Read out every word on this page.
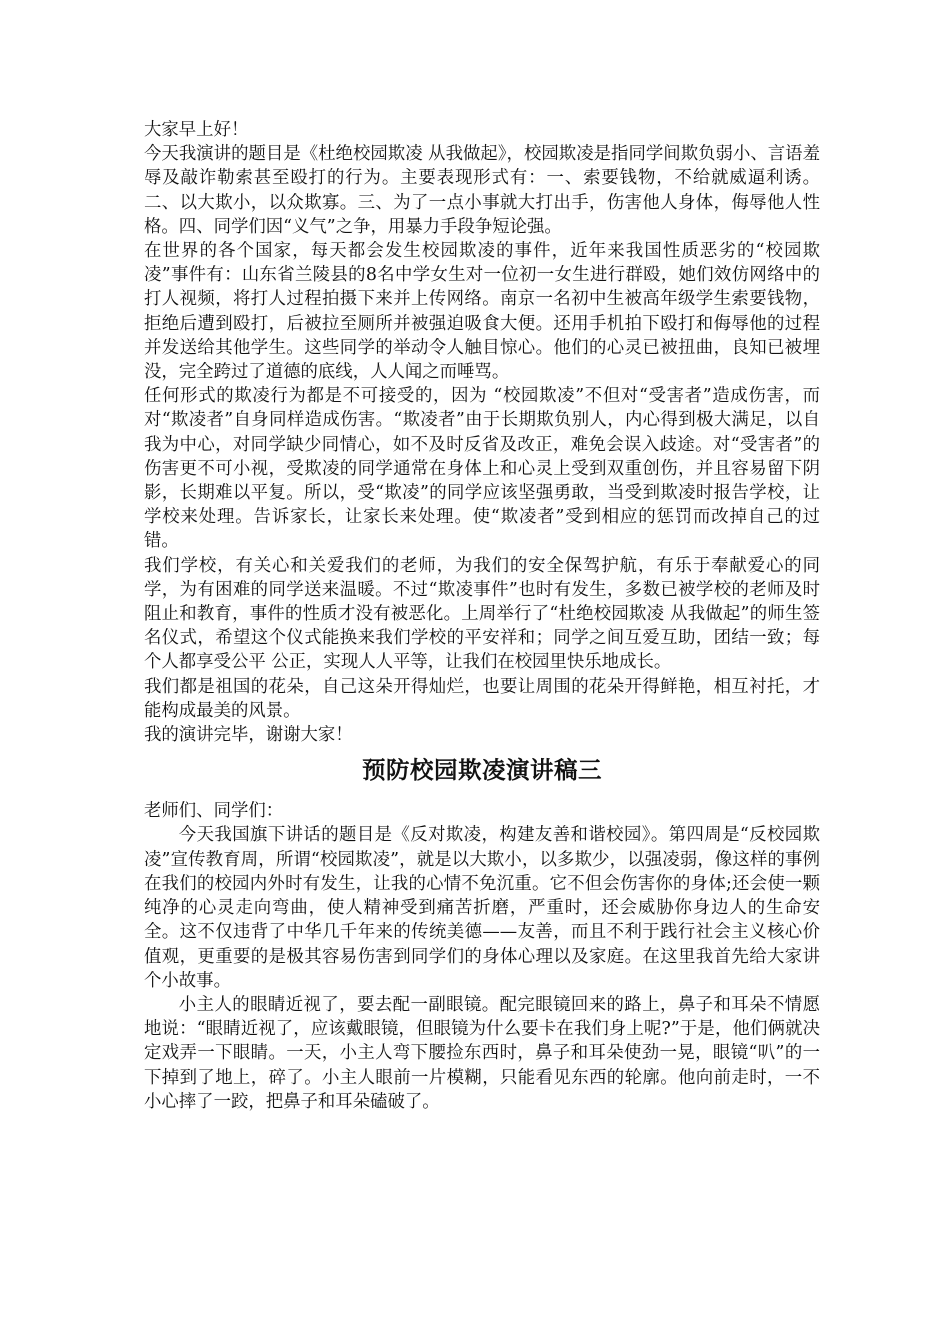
大家早上好！

今天我演讲的题目是《杜绝校园欺凌 从我做起》，校园欺凌是指同学间欺负弱小、言语羞辱及敲诈勒索甚至殴打的行为。主要表现形式有：一、索要钱物，不给就威逼利诱。二、以大欺小，以众欺寡。三、为了一点小事就大打出手，伤害他人身体，侮辱他人性格。四、同学们因“义气”之争，用暴力手段争短论强。

在世界的各个国家，每天都会发生校园欺凌的事件，近年来我国性质恶劣的“校园欺凌”事件有：山东省兰陵县的8名中学女生对一位初一女生进行群殴，她们效仿网络中的打人视频，将打人过程拍摄下来并上传网络。南京一名初中生被高年级学生索要钱物，拒绝后遭到殴打，后被拉至厕所并被强迫吸食大便。还用手机拍下殴打和侮辱他的过程并发送给其他学生。这些同学的举动令人触目惊心。他们的心灵已被扭曲，良知已被埋没，完全跨过了道德的底线，人人闻之而唾骂。

任何形式的欺凌行为都是不可接受的，因为 “校园欺凌”不但对“受害者”造成伤害，而对“欺凌者”自身同样造成伤害。“欺凌者”由于长期欺负别人，内心得到极大满足，以自我为中心，对同学缺少同情心，如不及时反省及改正，难免会误入歧途。对“受害者”的伤害更不可小视，受欺凌的同学通常在身体上和心灵上受到双重创伤，并且容易留下阴影，长期难以平复。所以，受“欺凌”的同学应该坚强勇敢，当受到欺凌时报告学校，让学校来处理。告诉家长，让家长来处理。使“欺凌者”受到相应的惩罚而改掉自己的过错。

我们学校，有关心和关爱我们的老师，为我们的安全保驾护航，有乐于奉献爱心的同学，为有困难的同学送来温暖。不过“欺凌事件”也时有发生，多数已被学校的老师及时阻止和教育，事件的性质才没有被恶化。上周举行了“杜绝校园欺凌 从我做起”的师生签名仪式，希望这个仪式能换来我们学校的平安祥和；同学之间互爱互助，团结一致；每个人都享受公平 公正，实现人人平等，让我们在校园里快乐地成长。

我们都是祖国的花朵，自己这朵开得灿烂，也要让周围的花朵开得鲜艳，相互衬托，才能构成最美的风景。

我的演讲完毕，谢谢大家！

预防校园欺凌演讲稿三

老师们、同学们：

今天我国旗下讲话的题目是《反对欺凌，构建友善和谐校园》。第四周是“反校园欺凌”宣传教育周，所谓“校园欺凌”，就是以大欺小，以多欺少，以强凌弱，像这样的事例在我们的校园内外时有发生，让我的心情不免沉重。它不但会伤害你的身体;还会使一颗纯净的心灵走向弯曲，使人精神受到痛苦折磨，严重时，还会威胁你身边人的生命安全。这不仅违背了中华几千年来的传统美德——友善，而且不利于践行社会主义核心价值观，更重要的是极其容易伤害到同学们的身体心理以及家庭。在这里我首先给大家讲个小故事。

小主人的眼睛近视了，要去配一副眼镜。配完眼镜回来的路上，鼻子和耳朵不情愿地说：“眼睛近视了，应该戴眼镜，但眼镜为什么要卡在我们身上呢?”于是，他们俩就决定戏弄一下眼睛。一天，小主人弯下腰捡东西时，鼻子和耳朵使劲一晃，眼镜“叭”的一下掉到了地上，碎了。小主人眼前一片模糊，只能看见东西的轮廓。他向前走时，一不小心摔了一跤，把鼻子和耳朵磕破了。
